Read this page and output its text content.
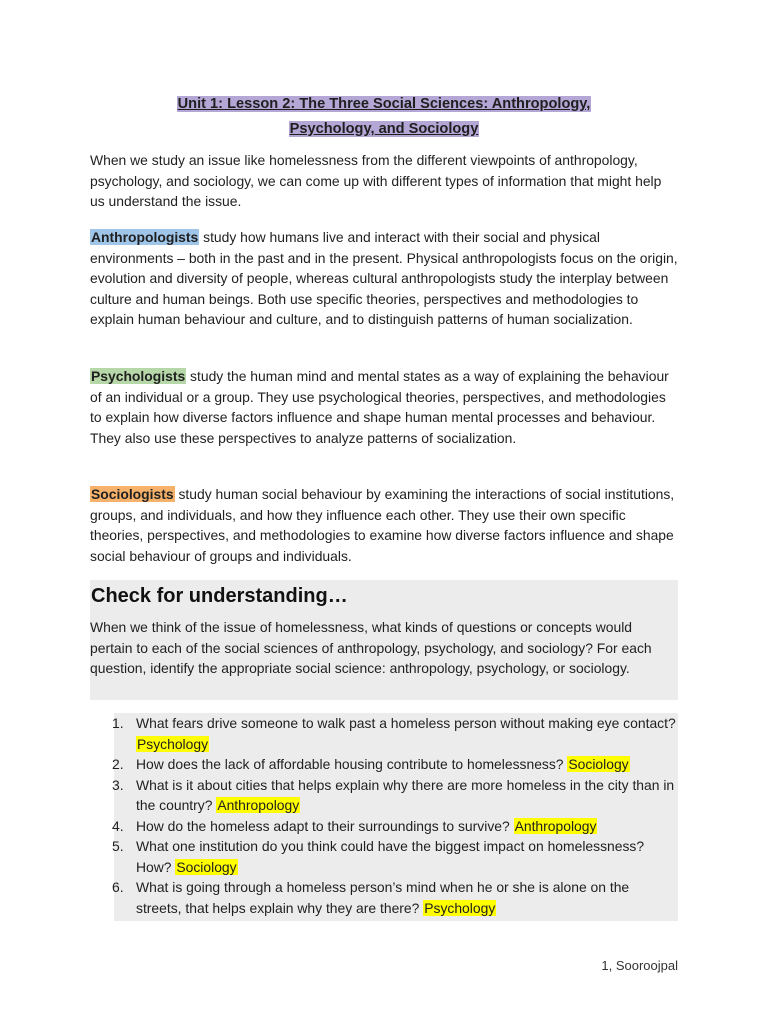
Unit 1: Lesson 2: The Three Social Sciences: Anthropology,
Psychology, and Sociology

When we study an issue like homelessness from the different viewpoints of anthropology, psychology, and sociology, we can come up with different types of information that might help us understand the issue.

Anthropologists study how humans live and interact with their social and physical environments – both in the past and in the present. Physical anthropologists focus on the origin, evolution and diversity of people, whereas cultural anthropologists study the interplay between culture and human beings. Both use specific theories, perspectives and methodologies to explain human behaviour and culture, and to distinguish patterns of human socialization.

Psychologists study the human mind and mental states as a way of explaining the behaviour of an individual or a group. They use psychological theories, perspectives, and methodologies to explain how diverse factors influence and shape human mental processes and behaviour. They also use these perspectives to analyze patterns of socialization.

Sociologists study human social behaviour by examining the interactions of social institutions, groups, and individuals, and how they influence each other. They use their own specific theories, perspectives, and methodologies to examine how diverse factors influence and shape social behaviour of groups and individuals.

Check for understanding…

When we think of the issue of homelessness, what kinds of questions or concepts would pertain to each of the social sciences of anthropology, psychology, and sociology? For each question, identify the appropriate social science: anthropology, psychology, or sociology.

1. What fears drive someone to walk past a homeless person without making eye contact? Psychology
2. How does the lack of affordable housing contribute to homelessness? Sociology
3. What is it about cities that helps explain why there are more homeless in the city than in the country? Anthropology
4. How do the homeless adapt to their surroundings to survive? Anthropology
5. What one institution do you think could have the biggest impact on homelessness? How? Sociology
6. What is going through a homeless person’s mind when he or she is alone on the streets, that helps explain why they are there? Psychology
1, Sooroojpal
